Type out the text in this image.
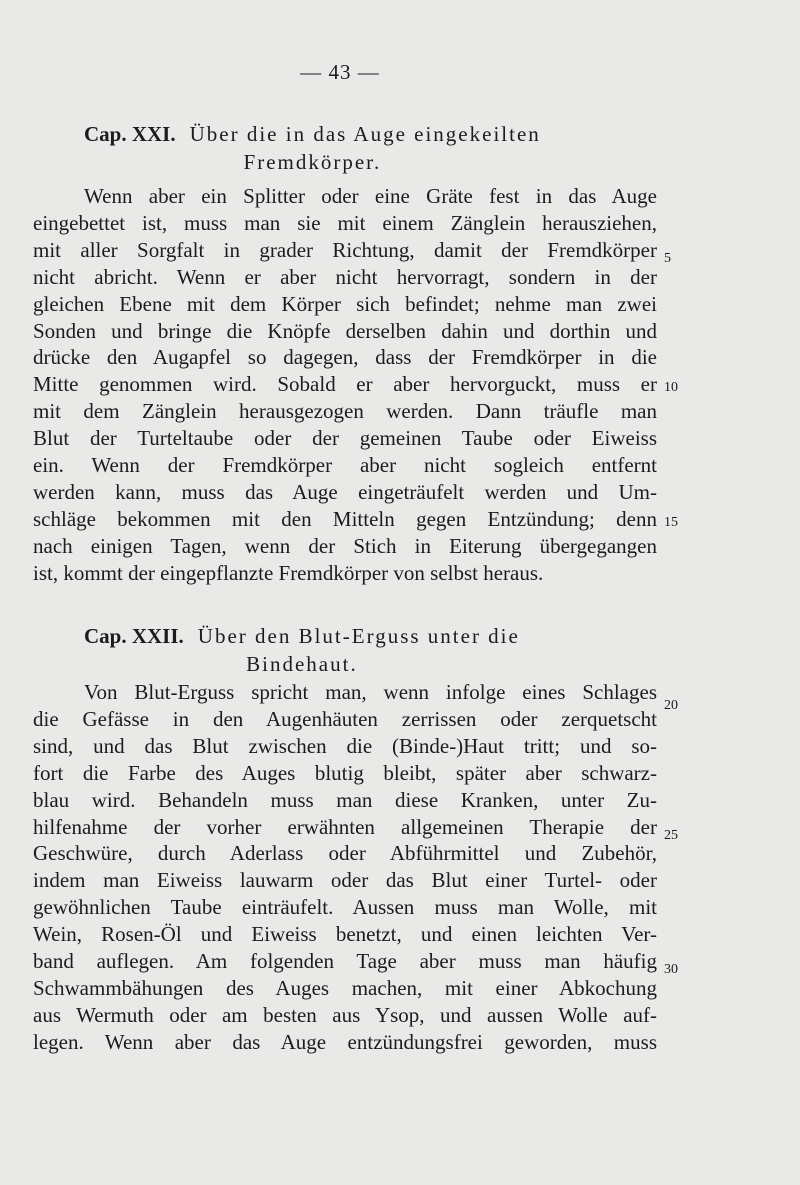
— 43 —
Cap. XXI. Über die in das Auge eingekeilten
Fremdkörper.
Wenn aber ein Splitter oder eine Gräte fest in das Auge
eingebettet ist, muss man sie mit einem Zänglein herausziehen,
mit aller Sorgfalt in grader Richtung, damit der Fremdkörper
nicht abricht. Wenn er aber nicht hervorragt, sondern in der
gleichen Ebene mit dem Körper sich befindet; nehme man zwei
Sonden und bringe die Knöpfe derselben dahin und dorthin und
drücke den Augapfel so dagegen, dass der Fremdkörper in die
Mitte genommen wird. Sobald er aber hervorguckt, muss er
mit dem Zänglein herausgezogen werden. Dann träufle man
Blut der Turteltaube oder der gemeinen Taube oder Eiweiss
ein. Wenn der Fremdkörper aber nicht sogleich entfernt
werden kann, muss das Auge eingeträufelt werden und Um-
schläge bekommen mit den Mitteln gegen Entzündung; denn
nach einigen Tagen, wenn der Stich in Eiterung übergegangen
ist, kommt der eingepflanzte Fremdkörper von selbst heraus.
Cap. XXII. Über den Blut-Erguss unter die
Bindehaut.
Von Blut-Erguss spricht man, wenn infolge eines Schlages
die Gefässe in den Augenhäuten zerrissen oder zerquetscht
sind, und das Blut zwischen die (Binde-)Haut tritt; und so-
fort die Farbe des Auges blutig bleibt, später aber schwarz-
blau wird. Behandeln muss man diese Kranken, unter Zu-
hilfenahme der vorher erwähnten allgemeinen Therapie der
Geschwüre, durch Aderlass oder Abführmittel und Zubehör,
indem man Eiweiss lauwarm oder das Blut einer Turtel- oder
gewöhnlichen Taube einträufelt. Aussen muss man Wolle, mit
Wein, Rosen-Öl und Eiweiss benetzt, und einen leichten Ver-
band auflegen. Am folgenden Tage aber muss man häufig
Schwammbähungen des Auges machen, mit einer Abkochung
aus Wermuth oder am besten aus Ysop, und aussen Wolle auf-
legen. Wenn aber das Auge entzündungsfrei geworden, muss
5
10
15
20
25
30
